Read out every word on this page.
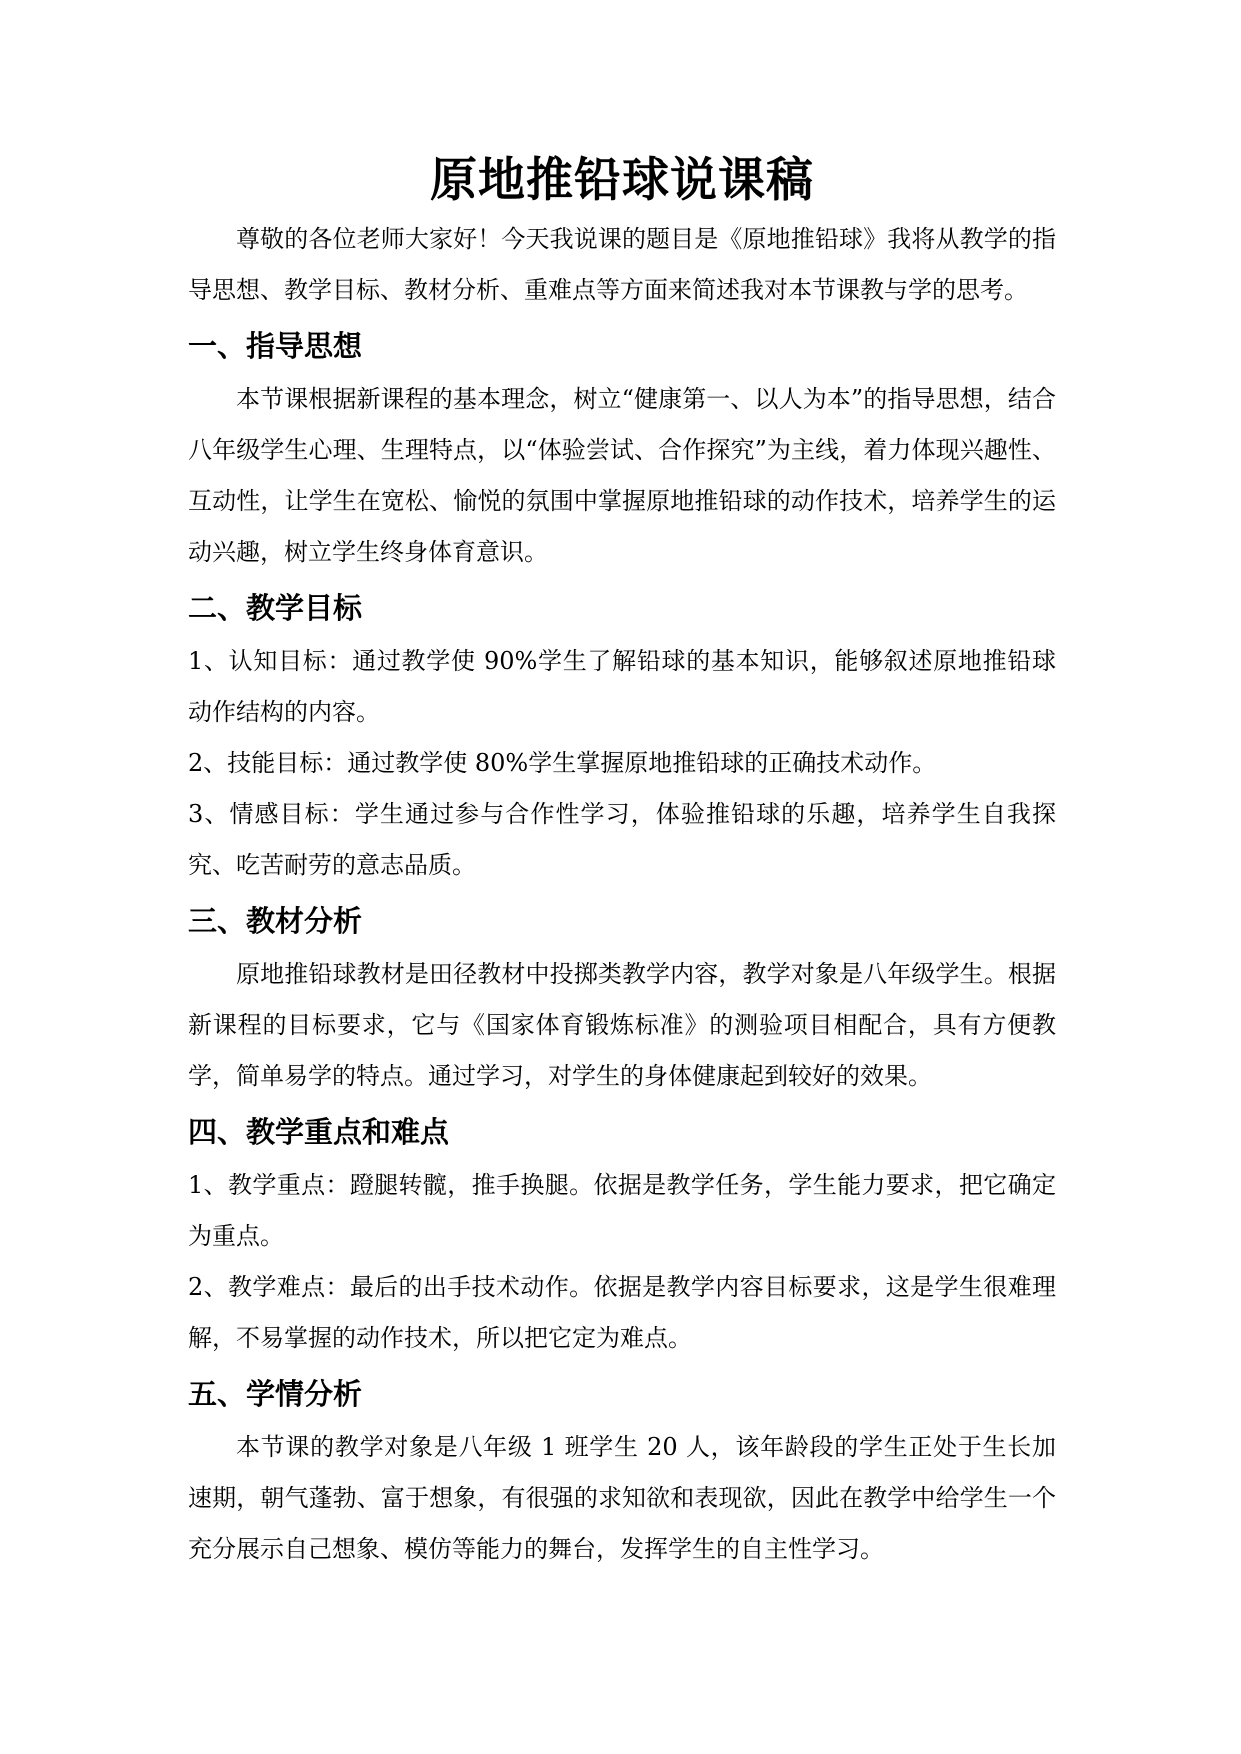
原地推铅球说课稿

尊敬的各位老师大家好！今天我说课的题目是《原地推铅球》我将从教学的指导思想、教学目标、教材分析、重难点等方面来简述我对本节课教与学的思考。

一、指导思想

本节课根据新课程的基本理念，树立“健康第一、以人为本”的指导思想，结合八年级学生心理、生理特点，以“体验尝试、合作探究”为主线，着力体现兴趣性、互动性，让学生在宽松、愉悦的氛围中掌握原地推铅球的动作技术，培养学生的运动兴趣，树立学生终身体育意识。

二、教学目标

1、认知目标：通过教学使 90%学生了解铅球的基本知识，能够叙述原地推铅球动作结构的内容。

2、技能目标：通过教学使 80%学生掌握原地推铅球的正确技术动作。

3、情感目标：学生通过参与合作性学习，体验推铅球的乐趣，培养学生自我探究、吃苦耐劳的意志品质。

三、教材分析

原地推铅球教材是田径教材中投掷类教学内容，教学对象是八年级学生。根据新课程的目标要求，它与《国家体育锻炼标准》的测验项目相配合，具有方便教学，简单易学的特点。通过学习，对学生的身体健康起到较好的效果。

四、教学重点和难点

1、教学重点：蹬腿转髋，推手换腿。依据是教学任务，学生能力要求，把它确定为重点。

2、教学难点：最后的出手技术动作。依据是教学内容目标要求，这是学生很难理解，不易掌握的动作技术，所以把它定为难点。

五、学情分析

本节课的教学对象是八年级 1 班学生 20 人，该年龄段的学生正处于生长加速期，朝气蓬勃、富于想象，有很强的求知欲和表现欲，因此在教学中给学生一个充分展示自己想象、模仿等能力的舞台，发挥学生的自主性学习。
